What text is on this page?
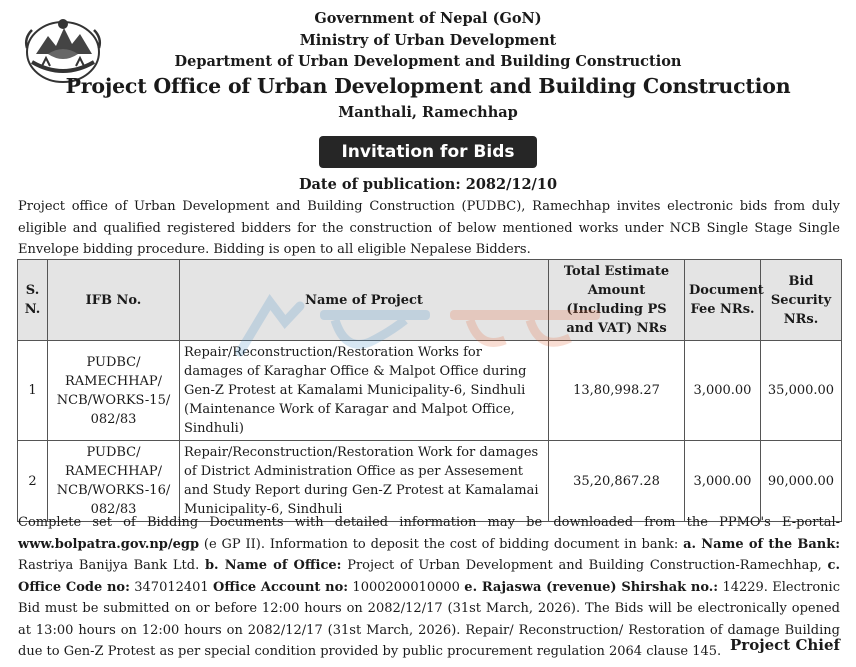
Government of Nepal (GoN)
Ministry of Urban Development
Department of Urban Development and Building Construction
Project Office of Urban Development and Building Construction
Manthali, Ramechhap
Invitation for Bids
Date of publication: 2082/12/10
Project office of Urban Development and Building Construction (PUDBC), Ramechhap invites electronic bids from duly eligible and qualified registered bidders for the construction of below mentioned works under NCB Single Stage Single Envelope bidding procedure. Bidding is open to all eligible Nepalese Bidders.
S. N.	IFB No.	Name of Project	Total Estimate Amount (Including PS and VAT) NRs	Document Fee NRs.	Bid Security NRs.
1	PUDBC/ RAMECHHAP/ NCB/WORKS-15/ 082/83	Repair/Reconstruction/Restoration Works for damages of Karaghar Office & Malpot Office during Gen-Z Protest at Kamalami Municipality-6, Sindhuli (Maintenance Work of Karagar and Malpot Office, Sindhuli)	13,80,998.27	3,000.00	35,000.00
2	PUDBC/ RAMECHHAP/ NCB/WORKS-16/ 082/83	Repair/Reconstruction/Restoration Work for damages of District Administration Office as per Assesement and Study Report during Gen-Z Protest at Kamalamai Municipality-6, Sindhuli	35,20,867.28	3,000.00	90,000.00
Complete set of Bidding Documents with detailed information may be downloaded from the PPMO's E-portal- www.bolpatra.gov.np/egp (e GP II). Information to deposit the cost of bidding document in bank: a. Name of the Bank: Rastriya Banijya Bank Ltd. b. Name of Office: Project of Urban Development and Building Construction-Ramechhap, c. Office Code no: 347012401 Office Account no: 1000200010000 e. Rajaswa (revenue) Shirshak no.: 14229. Electronic Bid must be submitted on or before 12:00 hours on 2082/12/17 (31st March, 2026). The Bids will be electronically opened at 13:00 hours on 12:00 hours on 2082/12/17 (31st March, 2026). Repair/ Reconstruction/ Restoration of damage Building due to Gen-Z Protest as per special condition provided by public procurement regulation 2064 clause 145. Project Chief
